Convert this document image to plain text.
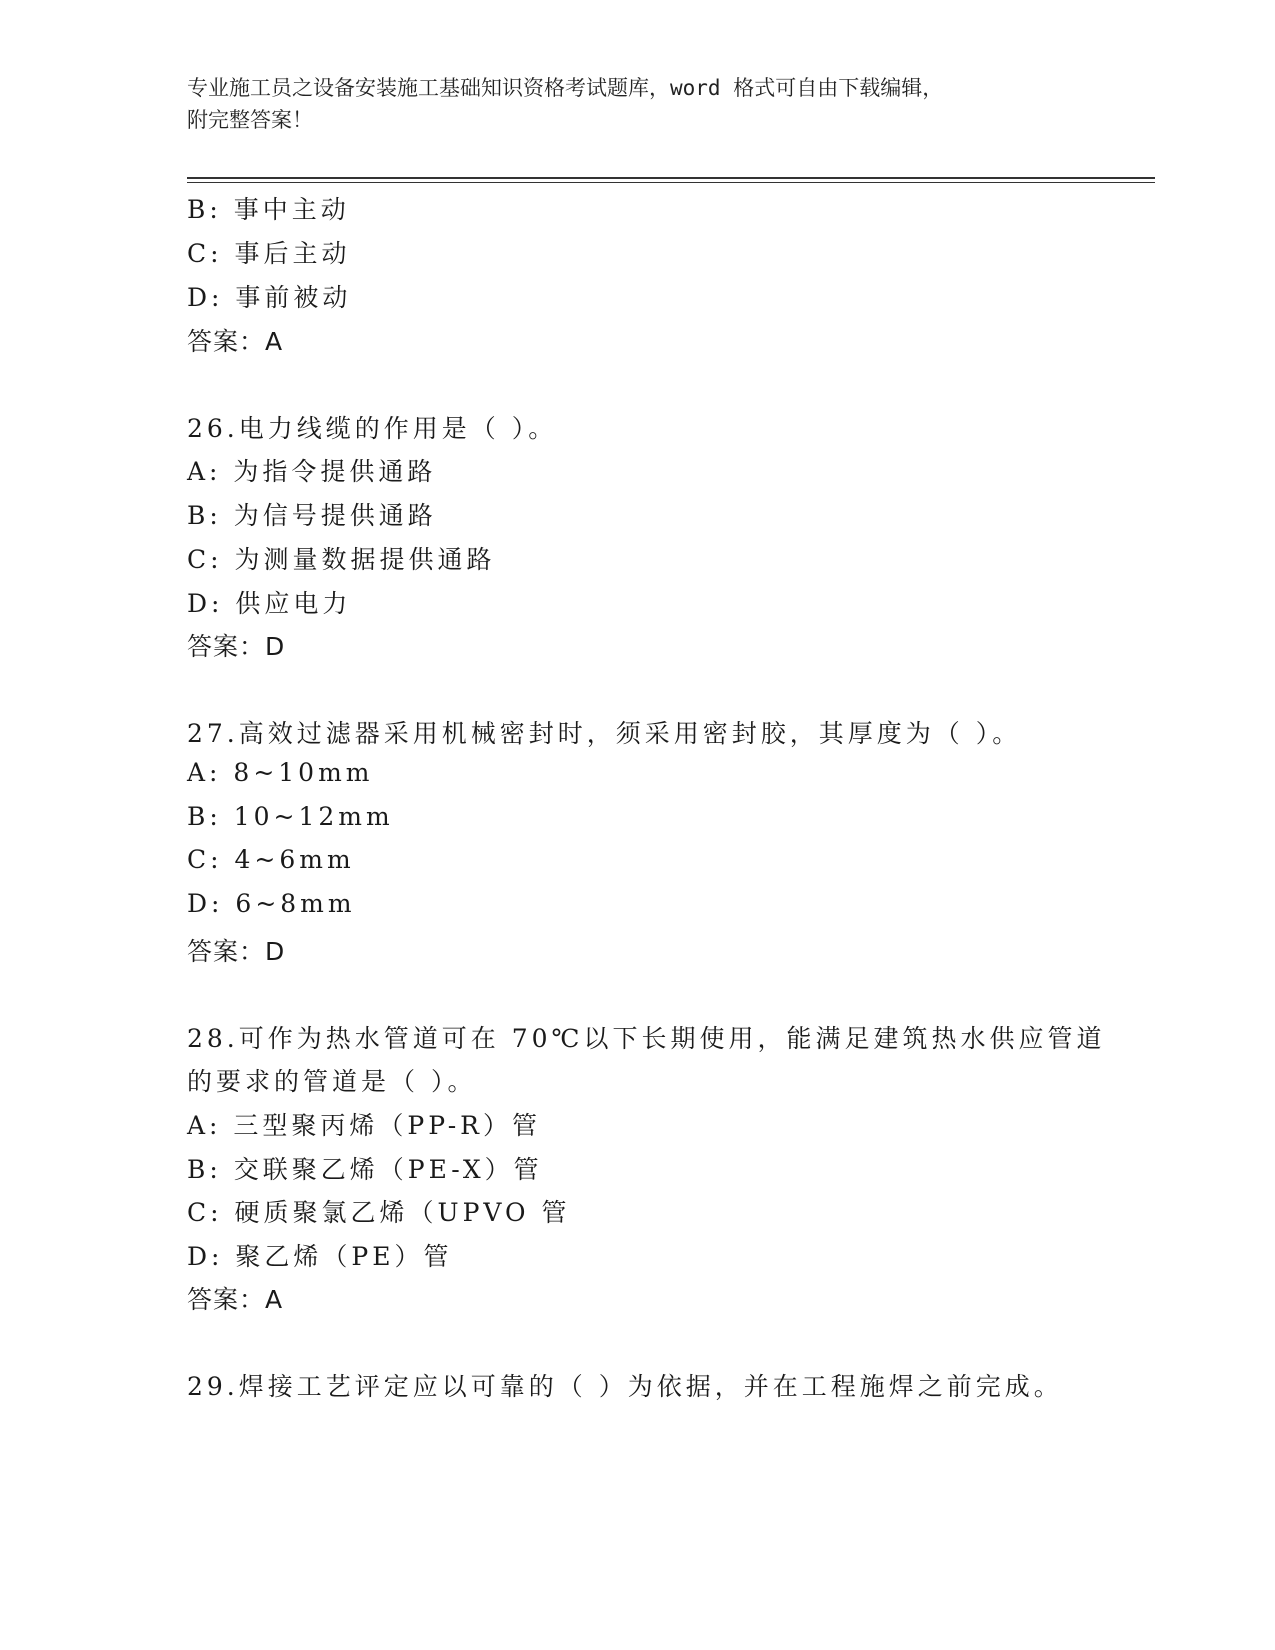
专业施工员之设备安装施工基础知识资格考试题库，word 格式可自由下载编辑，
附完整答案！
B: 事中主动
C: 事后主动
D: 事前被动
答案：A
26.电力线缆的作用是（ ）。
A: 为指令提供通路
B: 为信号提供通路
C: 为测量数据提供通路
D: 供应电力
答案：D
27.高效过滤器采用机械密封时，须采用密封胶，其厚度为（ ）。
A: 8~10mm
B: 10~12mm
C: 4~6mm
D: 6~8mm
答案：D
28.可作为热水管道可在 70℃以下长期使用，能满足建筑热水供应管道
的要求的管道是（ ）。
A: 三型聚丙烯（PP-R）管
B: 交联聚乙烯（PE-X）管
C: 硬质聚氯乙烯（UPVO 管
D: 聚乙烯（PE）管
答案：A
29.焊接工艺评定应以可靠的（ ）为依据，并在工程施焊之前完成。
